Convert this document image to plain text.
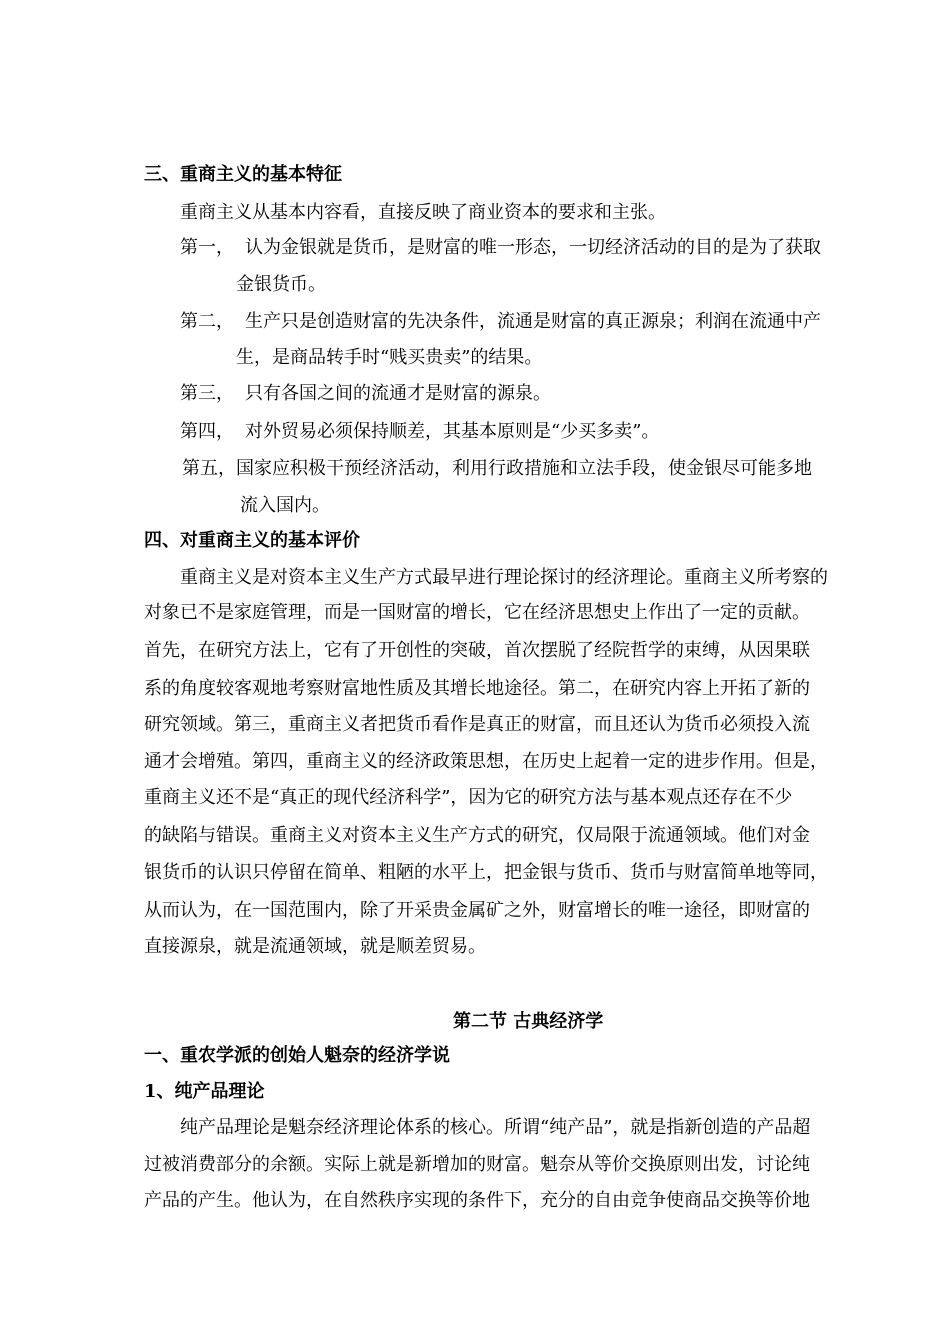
三、重商主义的基本特征
重商主义从基本内容看，直接反映了商业资本的要求和主张。
第一， 认为金银就是货币，是财富的唯一形态，一切经济活动的目的是为了获取
金银货币。
第二， 生产只是创造财富的先决条件，流通是财富的真正源泉；利润在流通中产
生，是商品转手时“贱买贵卖”的结果。
第三， 只有各国之间的流通才是财富的源泉。
第四， 对外贸易必须保持顺差，其基本原则是“少买多卖”。
第五，国家应积极干预经济活动，利用行政措施和立法手段，使金银尽可能多地
流入国内。
四、对重商主义的基本评价
重商主义是对资本主义生产方式最早进行理论探讨的经济理论。重商主义所考察的
对象已不是家庭管理，而是一国财富的增长，它在经济思想史上作出了一定的贡献。
首先，在研究方法上，它有了开创性的突破，首次摆脱了经院哲学的束缚，从因果联
系的角度较客观地考察财富地性质及其增长地途径。第二，在研究内容上开拓了新的
研究领域。第三，重商主义者把货币看作是真正的财富，而且还认为货币必须投入流
通才会增殖。第四，重商主义的经济政策思想，在历史上起着一定的进步作用。但是，
重商主义还不是“真正的现代经济科学”，因为它的研究方法与基本观点还存在不少
的缺陷与错误。重商主义对资本主义生产方式的研究，仅局限于流通领域。他们对金
银货币的认识只停留在简单、粗陋的水平上，把金银与货币、货币与财富简单地等同，
从而认为，在一国范围内，除了开采贵金属矿之外，财富增长的唯一途径，即财富的
直接源泉，就是流通领域，就是顺差贸易。
第二节 古典经济学
一、重农学派的创始人魁奈的经济学说
1、纯产品理论
纯产品理论是魁奈经济理论体系的核心。所谓“纯产品”，就是指新创造的产品超
过被消费部分的余额。实际上就是新增加的财富。魁奈从等价交换原则出发，讨论纯
产品的产生。他认为，在自然秩序实现的条件下，充分的自由竞争使商品交换等价地
